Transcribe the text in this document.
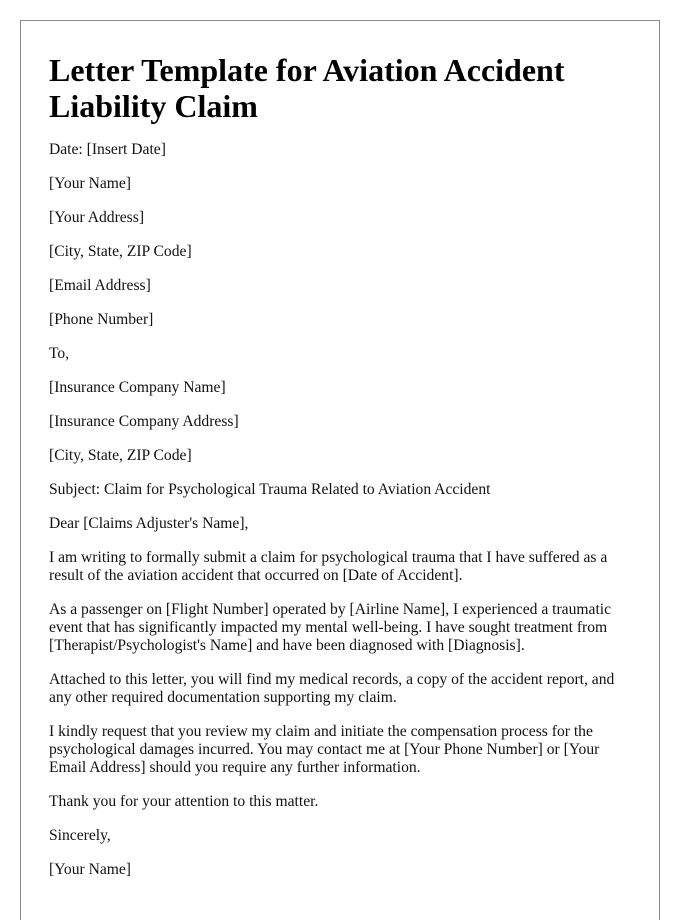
Letter Template for Aviation Accident Liability Claim

Date: [Insert Date]

[Your Name]

[Your Address]

[City, State, ZIP Code]

[Email Address]

[Phone Number]

To,

[Insurance Company Name]

[Insurance Company Address]

[City, State, ZIP Code]

Subject: Claim for Psychological Trauma Related to Aviation Accident

Dear [Claims Adjuster's Name],

I am writing to formally submit a claim for psychological trauma that I have suffered as a result of the aviation accident that occurred on [Date of Accident].

As a passenger on [Flight Number] operated by [Airline Name], I experienced a traumatic event that has significantly impacted my mental well-being. I have sought treatment from [Therapist/Psychologist's Name] and have been diagnosed with [Diagnosis].

Attached to this letter, you will find my medical records, a copy of the accident report, and any other required documentation supporting my claim.

I kindly request that you review my claim and initiate the compensation process for the psychological damages incurred. You may contact me at [Your Phone Number] or [Your Email Address] should you require any further information.

Thank you for your attention to this matter.

Sincerely,

[Your Name]
